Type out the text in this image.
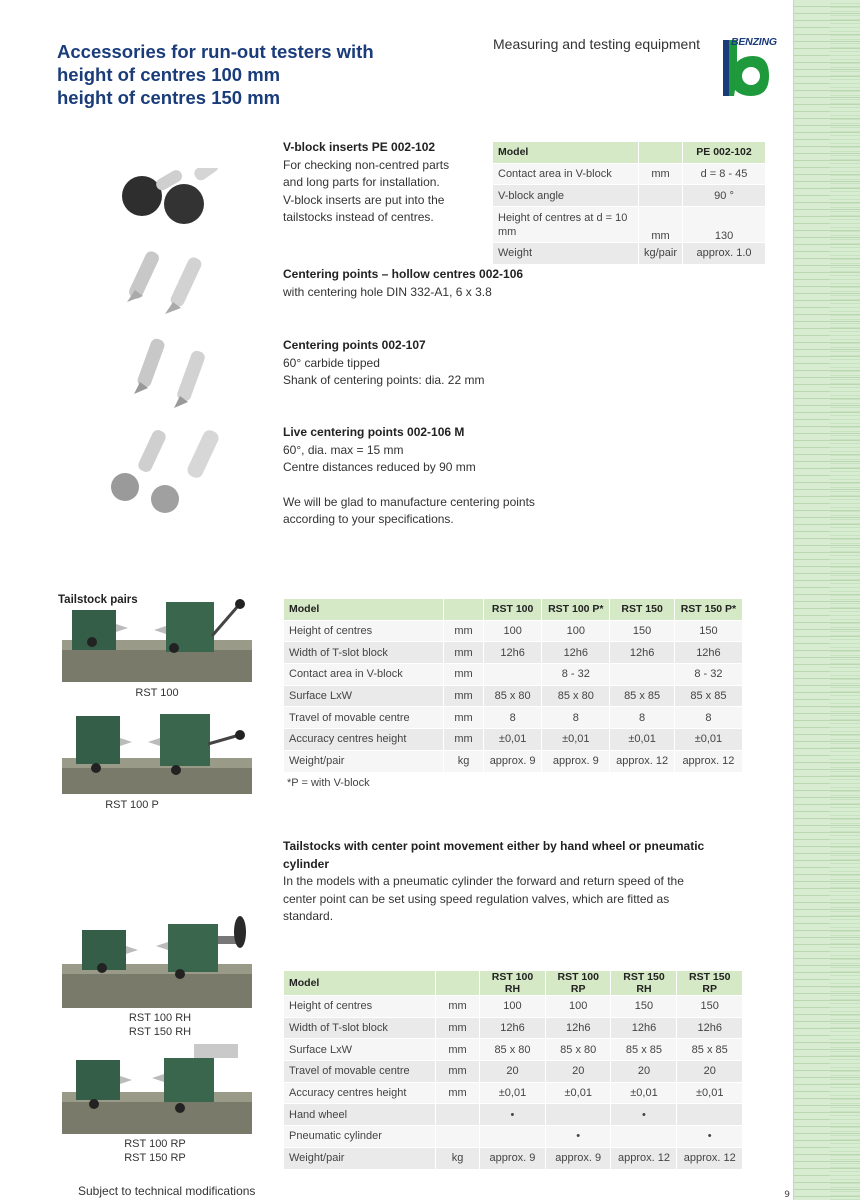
9
Accessories for run-out testers with
height of centres 100 mm
height of centres 150 mm
Measuring and testing equipment	BENZING
V-block inserts PE 002-102
For checking non-centred parts
and long parts for installation.
V-block inserts are put into the
tailstocks instead of centres.
Model		PE 002-102
Contact area in V-block	mm	d = 8 - 45
V-block angle		90 °
Height of centres at d = 10 mm	mm	130
Weight	kg/pair	approx. 1.0
Centering points – hollow centres 002-106
with centering hole DIN 332-A1, 6 x 3.8
Centering points 002-107
60° carbide tipped
Shank of centering points: dia. 22 mm
Live centering points 002-106 M
60°, dia. max = 15 mm
Centre distances reduced by 90 mm
We will be glad to manufacture centering points
according to your specifications.
Tailstock pairs
RST 100
RST 100 P
Model		RST 100	RST 100 P*	RST 150	RST 150 P*
Height of centres	mm	100	100	150	150
Width of T-slot block	mm	12h6	12h6	12h6	12h6
Contact area in V-block	mm		8 - 32		8 - 32
Surface LxW	mm	85 x 80	85 x 80	85 x 85	85 x 85
Travel of movable centre	mm	8	8	8	8
Accuracy centres height	mm	±0,01	±0,01	±0,01	±0,01
Weight/pair	kg	approx. 9	approx. 9	approx. 12	approx. 12
*P = with V-block
Tailstocks with center point movement either by hand wheel or pneumatic cylinder
In the models with a pneumatic cylinder the forward and return speed of the
center point can be set using speed regulation valves, which are fitted as
standard.
RST 100 RH
RST 150 RH
RST 100 RP
RST 150 RP
Model		RST 100 RH	RST 100 RP	RST 150 RH	RST 150 RP
Height of centres	mm	100	100	150	150
Width of T-slot block	mm	12h6	12h6	12h6	12h6
Surface LxW	mm	85 x 80	85 x 80	85 x 85	85 x 85
Travel of movable centre	mm	20	20	20	20
Accuracy centres height	mm	±0,01	±0,01	±0,01	±0,01
Hand wheel		•		•	
Pneumatic cylinder			•		•
Weight/pair	kg	approx. 9	approx. 9	approx. 12	approx. 12
Subject to technical modifications
